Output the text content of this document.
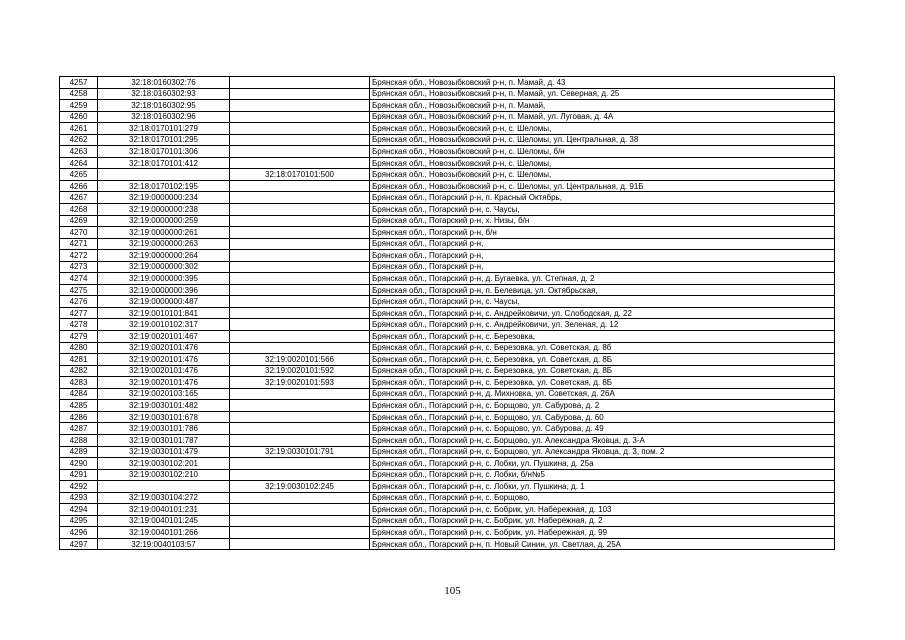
4257	32:18:0160302:76		Брянская обл., Новозыбковский р-н, п. Мамай, д. 43
4258	32:18:0160302:93		Брянская обл., Новозыбковский р-н, п. Мамай, ул. Северная, д. 25
4259	32:18:0160302:95		Брянская обл., Новозыбковский р-н, п. Мамай,
4260	32:18:0160302:96		Брянская обл., Новозыбковский р-н, п. Мамай, ул. Луговая, д. 4А
4261	32:18:0170101:279		Брянская обл., Новозыбковский р-н, с. Шеломы,
4262	32:18:0170101:295		Брянская обл., Новозыбковский р-н, с. Шеломы, ул. Центральная, д. 38
4263	32:18:0170101:306		Брянская обл., Новозыбковский р-н, с. Шеломы, б/н
4264	32:18:0170101:412		Брянская обл., Новозыбковский р-н, с. Шеломы,
4265		32:18:0170101:500	Брянская обл., Новозыбковский р-н, с. Шеломы,
4266	32:18:0170102:195		Брянская обл., Новозыбковский р-н, с. Шеломы, ул. Центральная, д. 91Б
4267	32:19:0000000:234		Брянская обл., Погарский р-н, п. Красный Октябрь,
4268	32:19:0000000:238		Брянская обл., Погарский р-н, с. Чаусы,
4269	32:19:0000000:259		Брянская обл., Погарский р-н, х. Низы, б/н
4270	32:19:0000000:261		Брянская обл., Погарский р-н, б/н
4271	32:19:0000000:263		Брянская обл., Погарский р-н,
4272	32:19:0000000:264		Брянская обл., Погарский р-н,
4273	32:19:0000000:302		Брянская обл., Погарский р-н,
4274	32:19:0000000:395		Брянская обл., Погарский р-н, д. Бугаевка, ул. Степная, д. 2
4275	32:19:0000000:396		Брянская обл., Погарский р-н, п. Белевица, ул. Октябрьская,
4276	32:19:0000000:487		Брянская обл., Погарский р-н, с. Чаусы,
4277	32:19:0010101:841		Брянская обл., Погарский р-н, с. Андрейковичи, ул. Слободская, д. 22
4278	32:19:0010102:317		Брянская обл., Погарский р-н, с. Андрейковичи, ул. Зеленая, д. 12
4279	32:19:0020101:467		Брянская обл., Погарский р-н, с. Березовка,
4280	32:19:0020101:476		Брянская обл., Погарский р-н, с. Березовка, ул. Советская, д. 8б
4281	32:19:0020101:476	32:19:0020101:566	Брянская обл., Погарский р-н, с. Березовка, ул. Советская, д. 8Б
4282	32:19:0020101:476	32:19:0020101:592	Брянская обл., Погарский р-н, с. Березовка, ул. Советская, д. 8Б
4283	32:19:0020101:476	32:19:0020101:593	Брянская обл., Погарский р-н, с. Березовка, ул. Советская, д. 8Б
4284	32:19:0020103:165		Брянская обл., Погарский р-н, д. Михновка, ул. Советская, д. 26А
4285	32:19:0030101:482		Брянская обл., Погарский р-н, с. Борщово, ул. Сабурова, д. 2
4286	32:19:0030101:678		Брянская обл., Погарский р-н, с. Борщово, ул. Сабурова, д. 60
4287	32:19:0030101:786		Брянская обл., Погарский р-н, с. Борщово, ул. Сабурова, д. 49
4288	32:19:0030101:787		Брянская обл., Погарский р-н, с. Борщово, ул. Александра Яковца, д. 3-А
4289	32:19:0030101:479	32:19:0030101:791	Брянская обл., Погарский р-н, с. Борщово, ул. Александра Яковца, д. 3, пом. 2
4290	32:19:0030102:201		Брянская обл., Погарский р-н, с. Лобки, ул. Пушкина, д. 25а
4291	32:19:0030102:210		Брянская обл., Погарский р-н, с. Лобки, б/н№5
4292		32:19:0030102:245	Брянская обл., Погарский р-н, с. Лобки, ул. Пушкина, д. 1
4293	32:19:0030104:272		Брянская обл., Погарский р-н, с. Борщово,
4294	32:19:0040101:231		Брянская обл., Погарский р-н, с. Бобрик, ул. Набережная, д. 103
4295	32:19:0040101:245		Брянская обл., Погарский р-н, с. Бобрик, ул. Набережная, д. 2
4296	32:19:0040101:266		Брянская обл., Погарский р-н, с. Бобрик, ул. Набережная, д. 99
4297	32:19:0040103:57		Брянская обл., Погарский р-н, п. Новый Синин, ул. Светлая, д. 25А
105
